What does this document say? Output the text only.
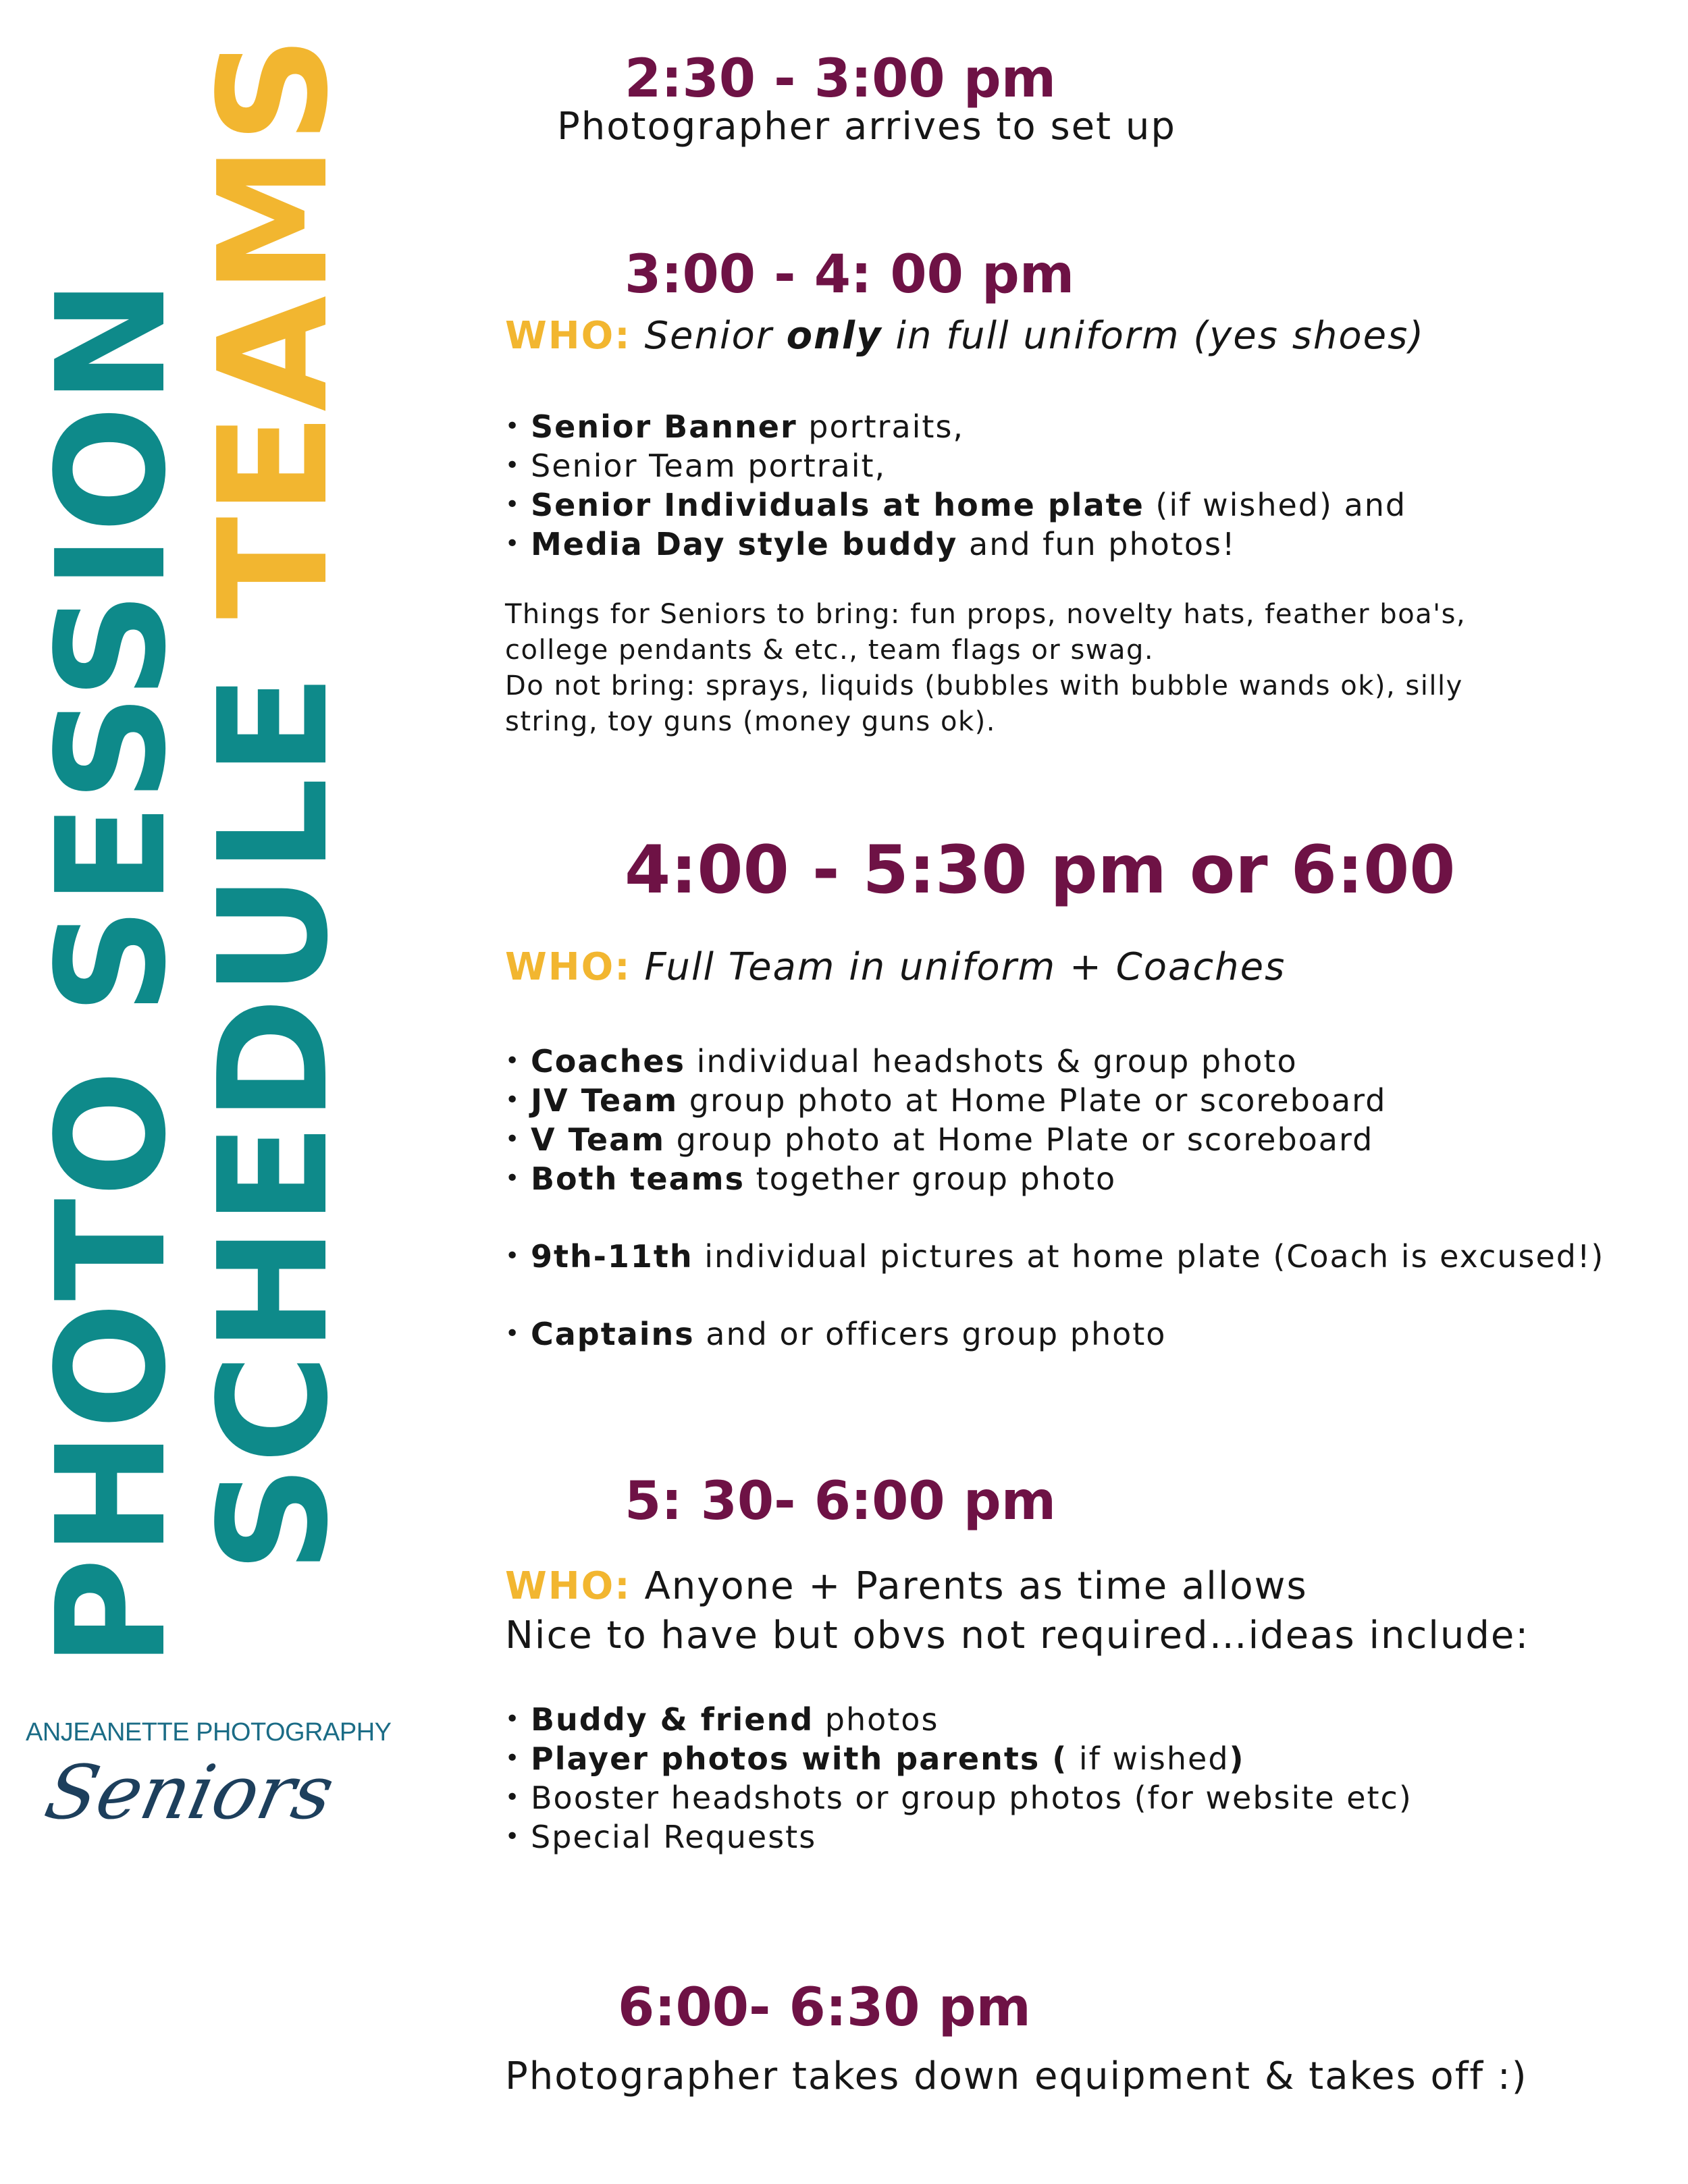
PHOTO SESSION
SCHEDULE TEAMS
ANJEANETTE PHOTOGRAPHY
Seniors
2:30 - 3:00 pm
Photographer arrives to set up
3:00 - 4: 00 pm
WHO: Senior only in full uniform (yes shoes)
• Senior Banner portraits,
• Senior Team portrait,
• Senior Individuals at home plate (if wished) and
• Media Day style buddy and fun photos!
Things for Seniors to bring: fun props, novelty hats, feather boa's,
college pendants & etc., team flags or swag.
Do not bring: sprays, liquids (bubbles with bubble wands ok), silly
string, toy guns (money guns ok).
4:00 - 5:30 pm or 6:00
WHO: Full Team in uniform + Coaches
• Coaches individual headshots & group photo
• JV Team group photo at Home Plate or scoreboard
• V Team group photo at Home Plate or scoreboard
• Both teams together group photo
• 9th-11th individual pictures at home plate (Coach is excused!)
• Captains and or officers group photo
5: 30- 6:00 pm
WHO: Anyone + Parents as time allows
Nice to have but obvs not required…ideas include:
• Buddy & friend photos
• Player photos with parents ( if wished)
• Booster headshots or group photos (for website etc)
• Special Requests
6:00- 6:30 pm
Photographer takes down equipment & takes off :)
